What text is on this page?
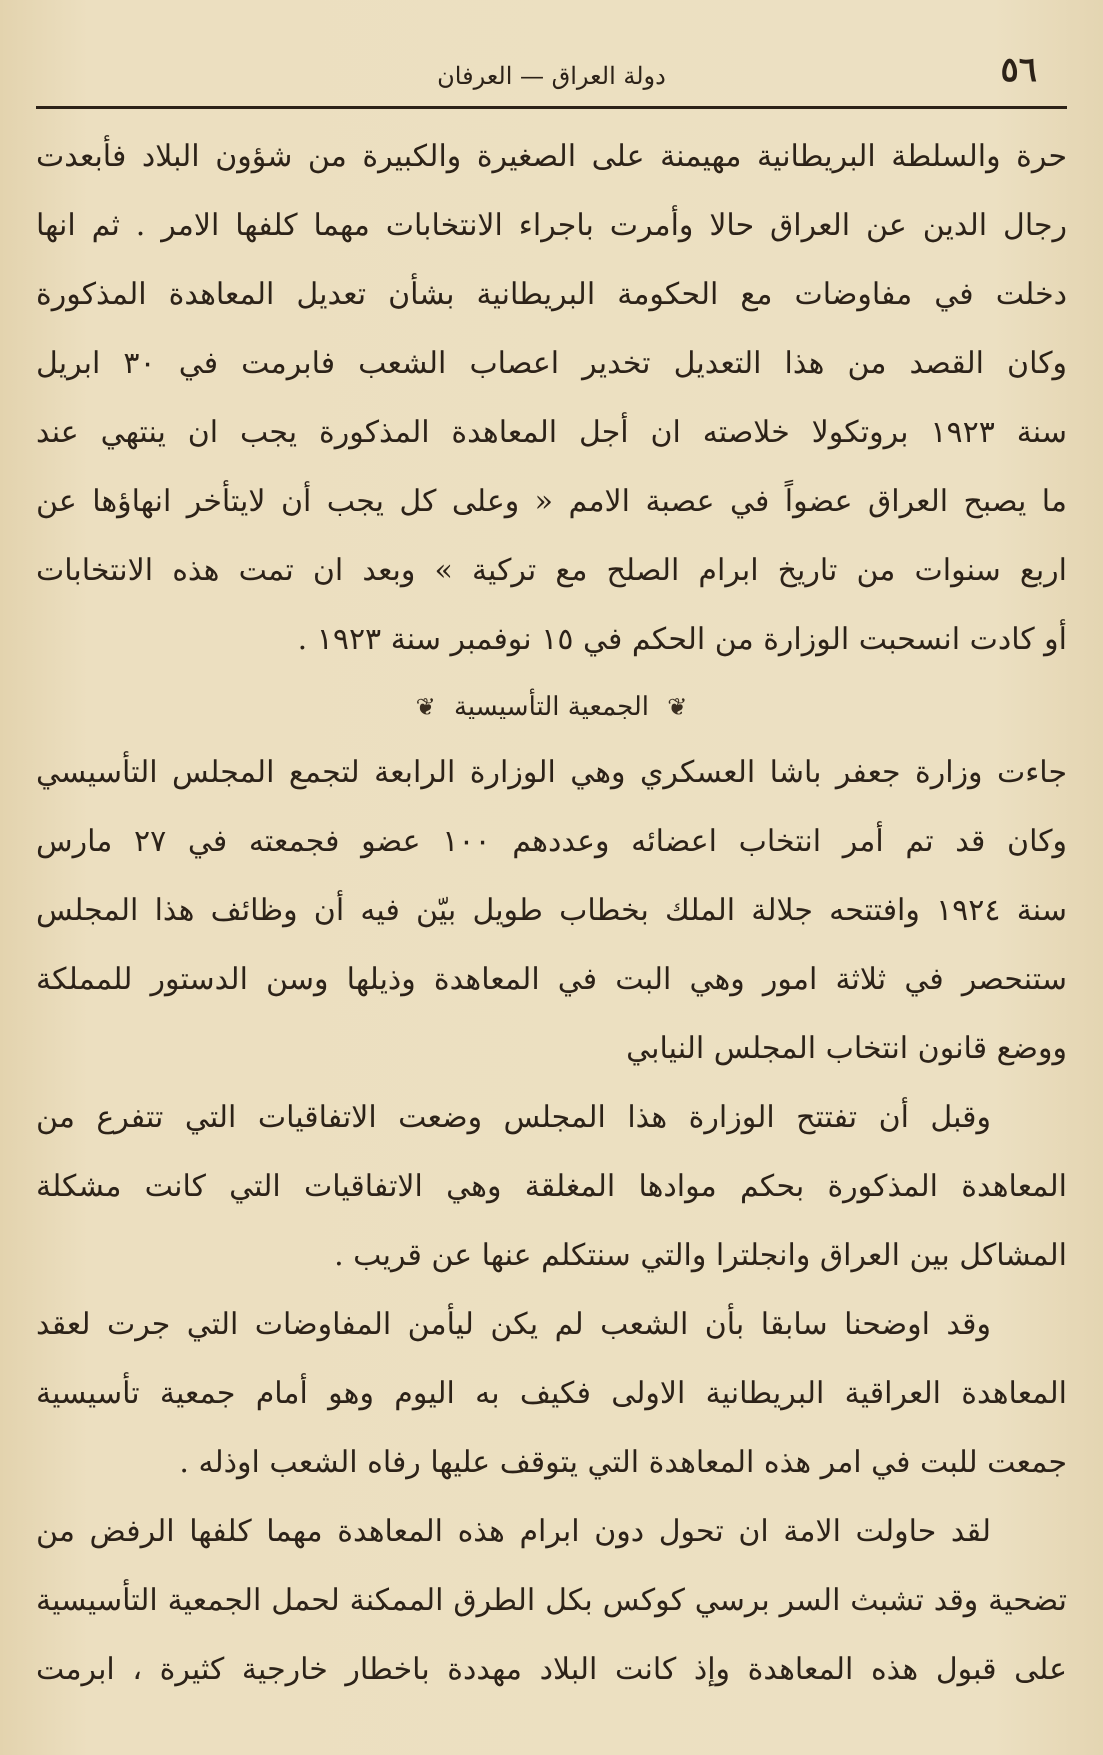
٥٦
دولة العراق — العرفان
حرة والسلطة البريطانية مهيمنة على الصغيرة والكبيرة من شؤون البلاد فأبعدت
رجال الدين عن العراق حالا وأمرت باجراء الانتخابات مهما كلفها الامر . ثم انها
دخلت في مفاوضات مع الحكومة البريطانية بشأن تعديل المعاهدة المذكورة
وكان القصد من هذا التعديل تخدير اعصاب الشعب فابرمت في ٣٠ ابريل
سنة ١٩٢٣ بروتكولا خلاصته ان أجل المعاهدة المذكورة يجب ان ينتهي عند
ما يصبح العراق عضواً في عصبة الامم « وعلى كل يجب أن لايتأخر انهاؤها عن
اربع سنوات من تاريخ ابرام الصلح مع تركية » وبعد ان تمت هذه الانتخابات
أو كادت انسحبت الوزارة من الحكم في ١٥ نوفمبر سنة ١٩٢٣ .
❦ الجمعية التأسيسية ❦
جاءت وزارة جعفر باشا العسكري وهي الوزارة الرابعة لتجمع المجلس التأسيسي
وكان قد تم أمر انتخاب اعضائه وعددهم ١٠٠ عضو فجمعته في ٢٧ مارس
سنة ١٩٢٤ وافتتحه جلالة الملك بخطاب طويل بيّن فيه أن وظائف هذا المجلس
ستنحصر في ثلاثة امور وهي البت في المعاهدة وذيلها وسن الدستور للمملكة
ووضع قانون انتخاب المجلس النيابي
وقبل أن تفتتح الوزارة هذا المجلس وضعت الاتفاقيات التي تتفرع من
المعاهدة المذكورة بحكم موادها المغلقة وهي الاتفاقيات التي كانت مشكلة
المشاكل بين العراق وانجلترا والتي سنتكلم عنها عن قريب .
وقد اوضحنا سابقا بأن الشعب لم يكن ليأمن المفاوضات التي جرت لعقد
المعاهدة العراقية البريطانية الاولى فكيف به اليوم وهو أمام جمعية تأسيسية
جمعت للبت في امر هذه المعاهدة التي يتوقف عليها رفاه الشعب اوذله .
لقد حاولت الامة ان تحول دون ابرام هذه المعاهدة مهما كلفها الرفض من
تضحية وقد تشبث السر برسي كوكس بكل الطرق الممكنة لحمل الجمعية التأسيسية
على قبول هذه المعاهدة وإذ كانت البلاد مهددة باخطار خارجية كثيرة ، ابرمت
